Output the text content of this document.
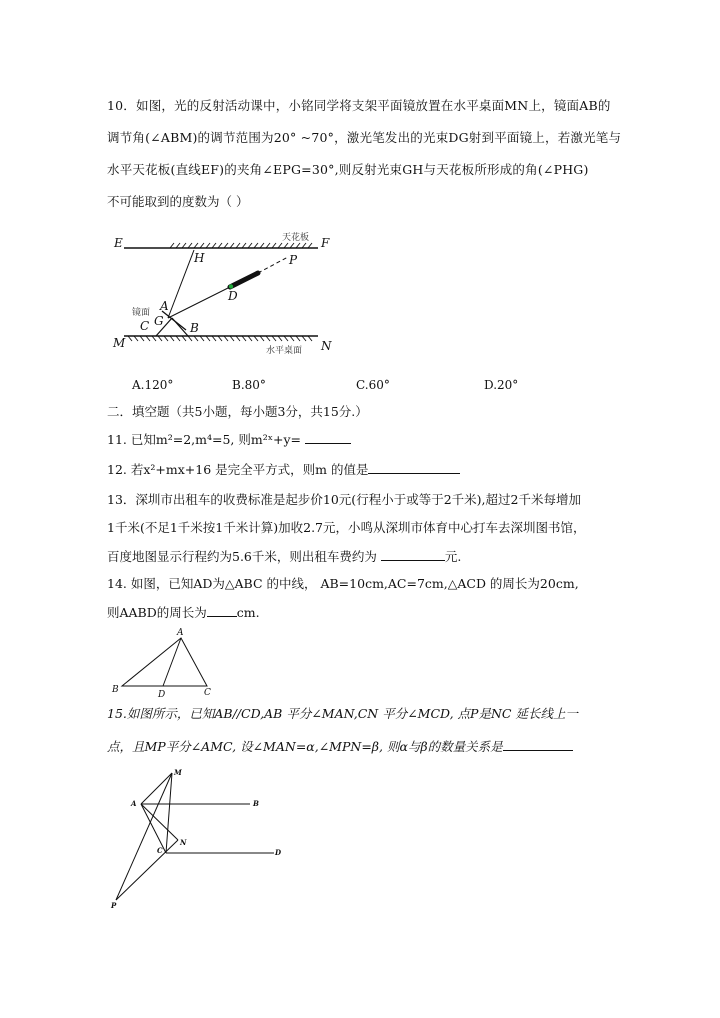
10．如图，光的反射活动课中，小铭同学将支架平面镜放置在水平桌面MN上，镜面AB的
调节角(∠ABM)的调节范围为20° ~70°，激光笔发出的光束DG射到平面镜上，若激光笔与
水平天花板(直线EF)的夹角∠EPG=30°,则反射光束GH与天花板所形成的角(∠PHG)
不可能取到的度数为（ ）
E	F
H	P
D
A
G
C	B
M	N
天花板
镜面
水平桌面
A.120°	B.80°	C.60°	D.20°
二．填空题（共5小题，每小题3分，共15分.）
11. 已知m²=2,m⁴=5, 则m²ˣ+y=
12. 若x²+mx+16 是完全平方式，则m 的值是
13．深圳市出租车的收费标准是起步价10元(行程小于或等于2千米),超过2千米每增加
1千米(不足1千米按1千米计算)加收2.7元，小鸣从深圳市体育中心打车去深圳图书馆，
百度地图显示行程约为5.6千米，则出租车费约为	元.
14. 如图，已知AD为△ABC 的中线， AB=10cm,AC=7cm,△ACD 的周长为20cm,
则AABD的周长为 cm.
A
B	D	C
15.如图所示，已知AB//CD,AB 平分∠MAN,CN 平分∠MCD, 点P是NC 延长线上一
点，且MP平分∠AMC, 设∠MAN=α,∠MPN=β, 则α与β的数量关系是
M
A	B
C
N
D
P
